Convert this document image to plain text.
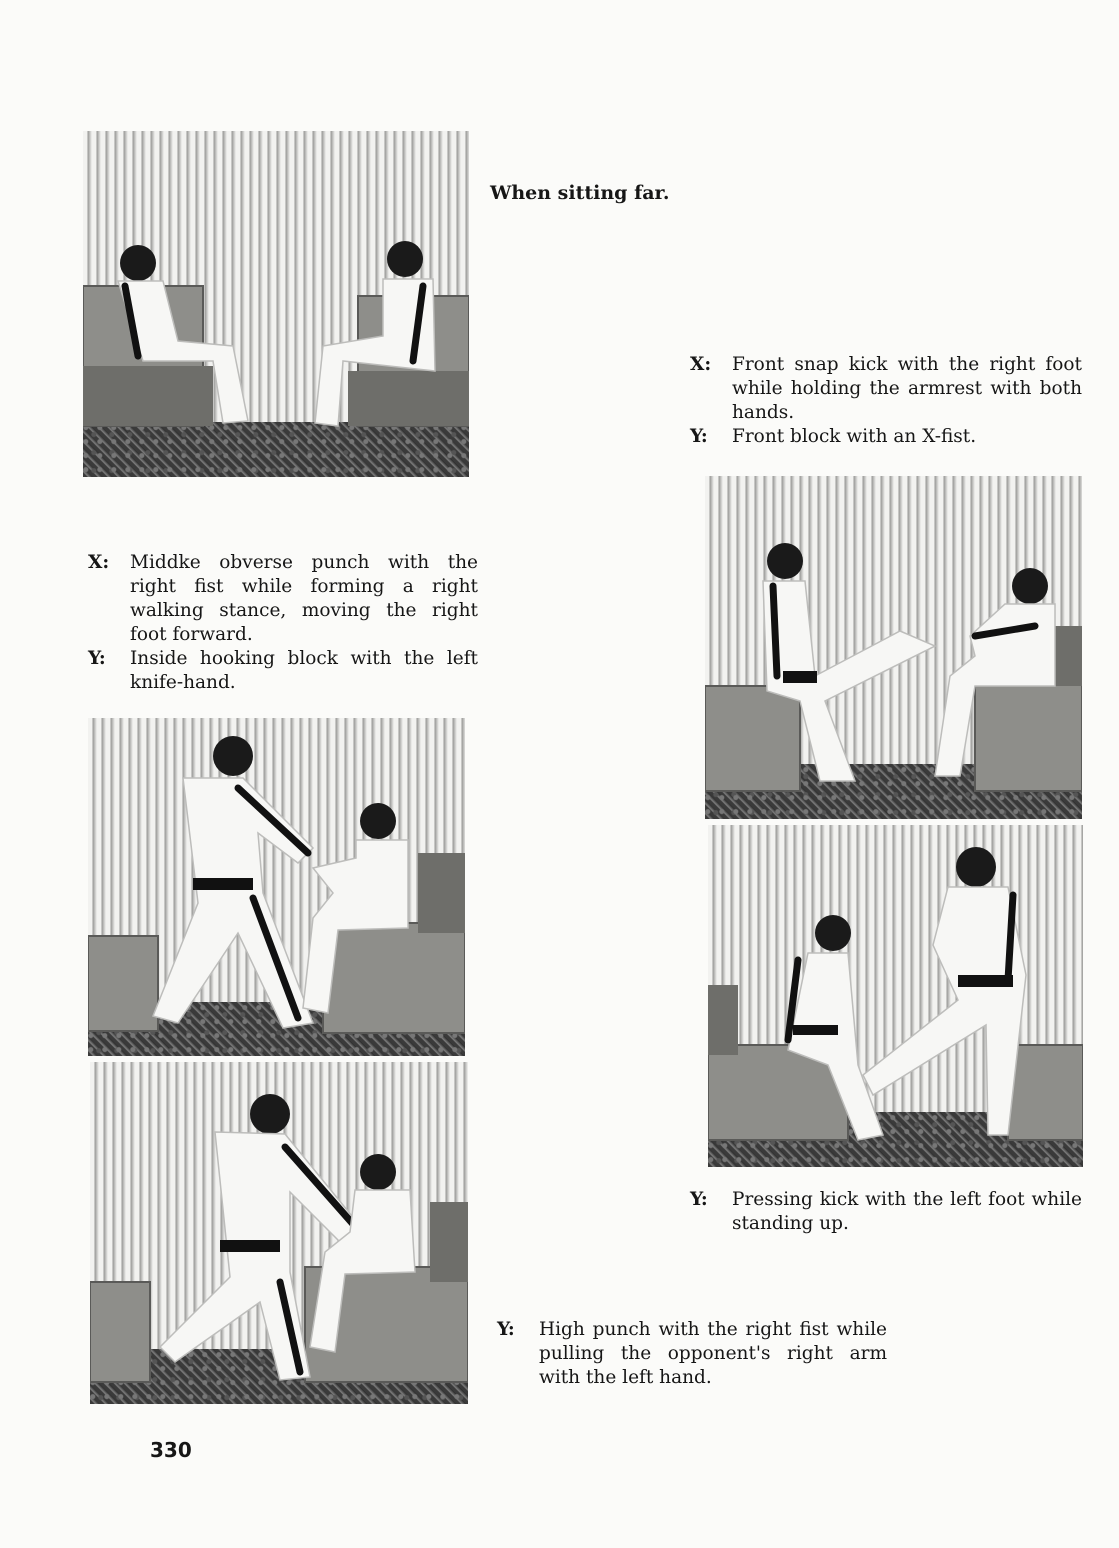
When sitting far.

X:	Front snap kick with the right foot while holding the armrest with both hands.

Y:	Front block with an X-fist.

X:	Middke obverse punch with the right fist while forming a right walking stance, moving the right foot forward.

Y:	Inside hooking block with the left knife-hand.

Y:	Pressing kick with the left foot while standing up.

Y:	High punch with the right fist while pulling the opponent's right arm with the left hand.

330
